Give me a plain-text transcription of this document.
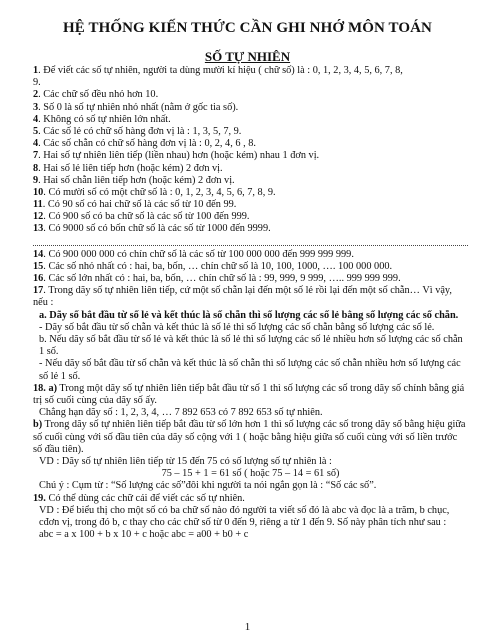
HỆ THỐNG KIẾN THỨC CẦN GHI NHỚ MÔN TOÁN
SỐ TỰ NHIÊN
1. Để viết các số tự nhiên, người ta dùng mười kí hiệu ( chữ số) là : 0, 1, 2, 3, 4, 5, 6, 7, 8,
9.
2. Các chữ số đều nhỏ hơn 10.
3. Số 0 là số tự nhiên nhỏ nhất (nằm ở gốc tia số).
4. Không có số tự nhiên lớn nhất.
5. Các số lẻ có chữ số hàng đơn vị là : 1, 3, 5, 7, 9.
4. Các số chẵn có chữ số hàng đơn vị là : 0, 2, 4, 6 , 8.
7. Hai số tự nhiên liên tiếp (liền nhau) hơn (hoặc kém) nhau 1 đơn vị.
8. Hai số lẻ liên tiếp hơn (hoặc kém) 2 đơn vị.
9. Hai số chẵn liên tiếp hơn (hoặc kém) 2 đơn vị.
10. Có mười số có một chữ số là : 0, 1, 2, 3, 4, 5, 6, 7, 8, 9.
11. Có 90 số có hai chữ số là các số từ 10 đến 99.
12. Có 900 số có ba chữ số là các số từ 100 đến 999.
13. Có 9000 số có bốn chữ số là các số từ 1000 đến 9999.
14. Có 900 000 000 có chín chữ số là các số từ 100 000 000 đến 999 999 999.
15. Các số nhỏ nhất có : hai, ba, bốn, … chín chữ số là 10, 100, 1000, …. 100 000 000.
16. Các số lớn nhất có : hai, ba, bốn, … chín chữ số là : 99, 999, 9 999, ….. 999 999 999.
17. Trong dãy số tự nhiên liên tiếp, cứ một số chẵn lại đến một số lẻ rồi lại đến một số chẵn… Vì vậy, nếu :
a. Dãy số bắt đầu từ số lẻ và kết thúc là số chẵn thì số lượng các số lẻ bằng số lượng các số chẵn.
- Dãy số bắt đầu từ số chẵn và kết thúc là số lẻ thì số lượng các số chẵn bằng số lượng các số lẻ.
b. Nếu dãy số bắt đầu từ số lẻ và kết thúc là số lẻ thì số lượng các số lẻ nhiều hơn số lượng các số chẵn 1 số.
- Nếu dãy số bắt đầu từ số chẵn và kết thúc là số chẵn thì số lượng các số chẵn nhiều hơn số lượng các số lẻ 1 số.
18. a) Trong một dãy số tự nhiên liên tiếp bắt đầu từ số 1 thì số lượng các số trong dãy số chính bằng giá trị số cuối cùng của dãy số ấy.
Chẳng hạn dãy số : 1, 2, 3, 4, … 7 892 653 có 7 892 653 số tự nhiên.
b) Trong dãy số tự nhiên liên tiếp bắt đầu từ số lớn hơn 1 thì số lượng các số trong dãy số bằng hiệu giữa số cuối cùng với số đầu tiên của dãy số cộng với 1 ( hoặc bằng hiệu giữa số cuối cùng với số liền trước số đầu tiên).
VD : Dãy số tự nhiên liên tiếp từ 15 đến 75 có số lượng số tự nhiên là :
75 – 15 + 1 = 61 số ( hoặc 75 – 14 = 61 số)
Chú ý : Cụm từ : “Số lượng các số”đôi khi người ta nói ngắn gọn là : “Số các số”.
19. Có thể dùng các chữ cái để viết các số tự nhiên.
VD : Để biểu thị cho một số có ba chữ số nào đó người ta viết số đó là abc và đọc là a trăm, b chục, cđơn vị, trong đó b, c thay cho các chữ số từ 0 đến 9, riêng a từ 1 đến 9. Số này phân tích như sau :
$\overline{abc} = a$ x 100 + b x 10 + c hoặc $\overline{abc} = a00 + b0 + c$
1
